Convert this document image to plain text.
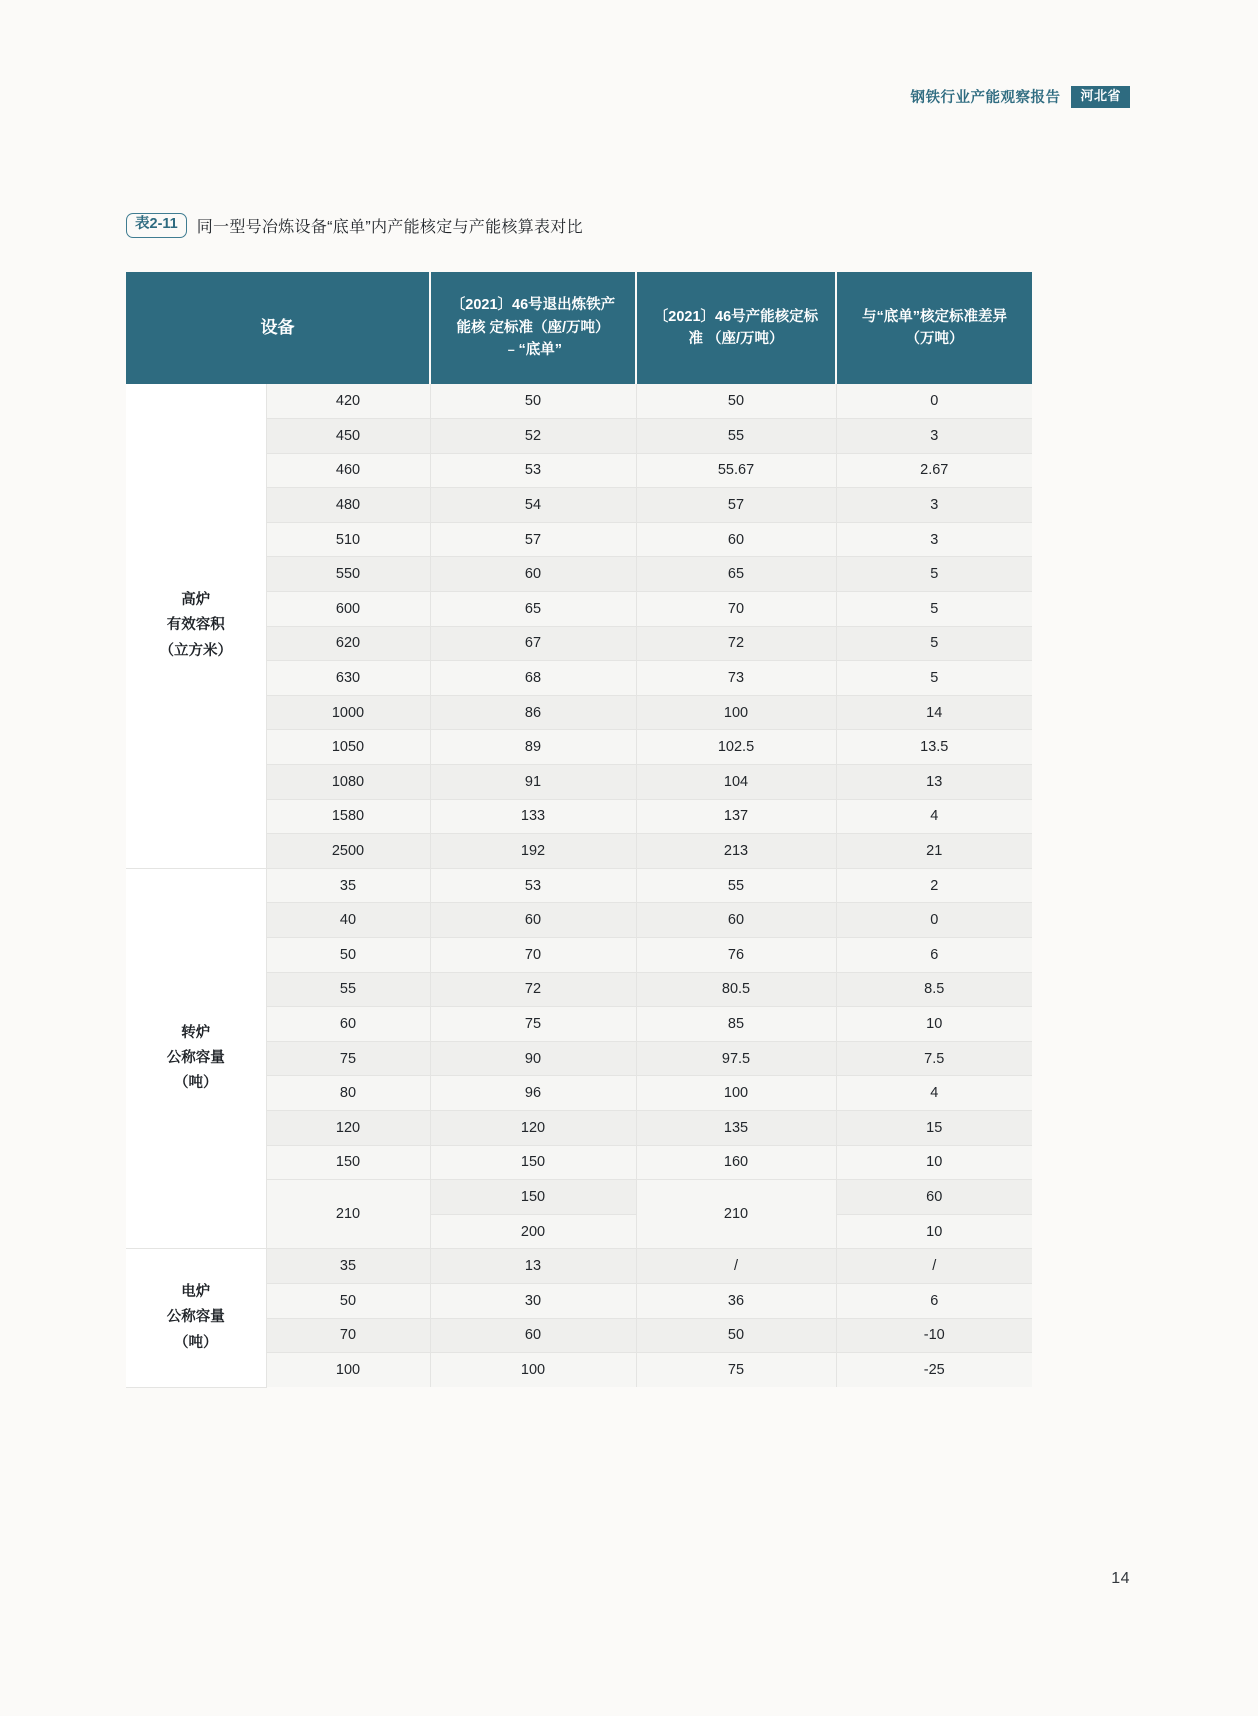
钢铁行业产能观察报告	河北省
表2-11	同一型号冶炼设备“底单”内产能核定与产能核算表对比
设备		〔2021〕46号退出炼铁产能核 定标准（座/万吨）﹣“底单”	〔2021〕46号产能核定标准 （座/万吨）	与“底单”核定标准差异 （万吨）

高炉
有效容积
（立方米）	420	50	50	0
	450	52	55	3
	460	53	55.67	2.67
	480	54	57	3
	510	57	60	3
	550	60	65	5
	600	65	70	5
	620	67	72	5
	630	68	73	5
	1000	86	100	14
	1050	89	102.5	13.5
	1080	91	104	13
	1580	133	137	4
	2500	192	213	21

转炉
公称容量
（吨）	35	53	55	2
	40	60	60	0
	50	70	76	6
	55	72	80.5	8.5
	60	75	85	10
	75	90	97.5	7.5
	80	96	100	4
	120	120	135	15
	150	150	160	10
	210	150	210	60
		200		10

电炉
公称容量
（吨）	35	13	/	/
	50	30	36	6
	70	60	50	-10
	100	100	75	-25
14
